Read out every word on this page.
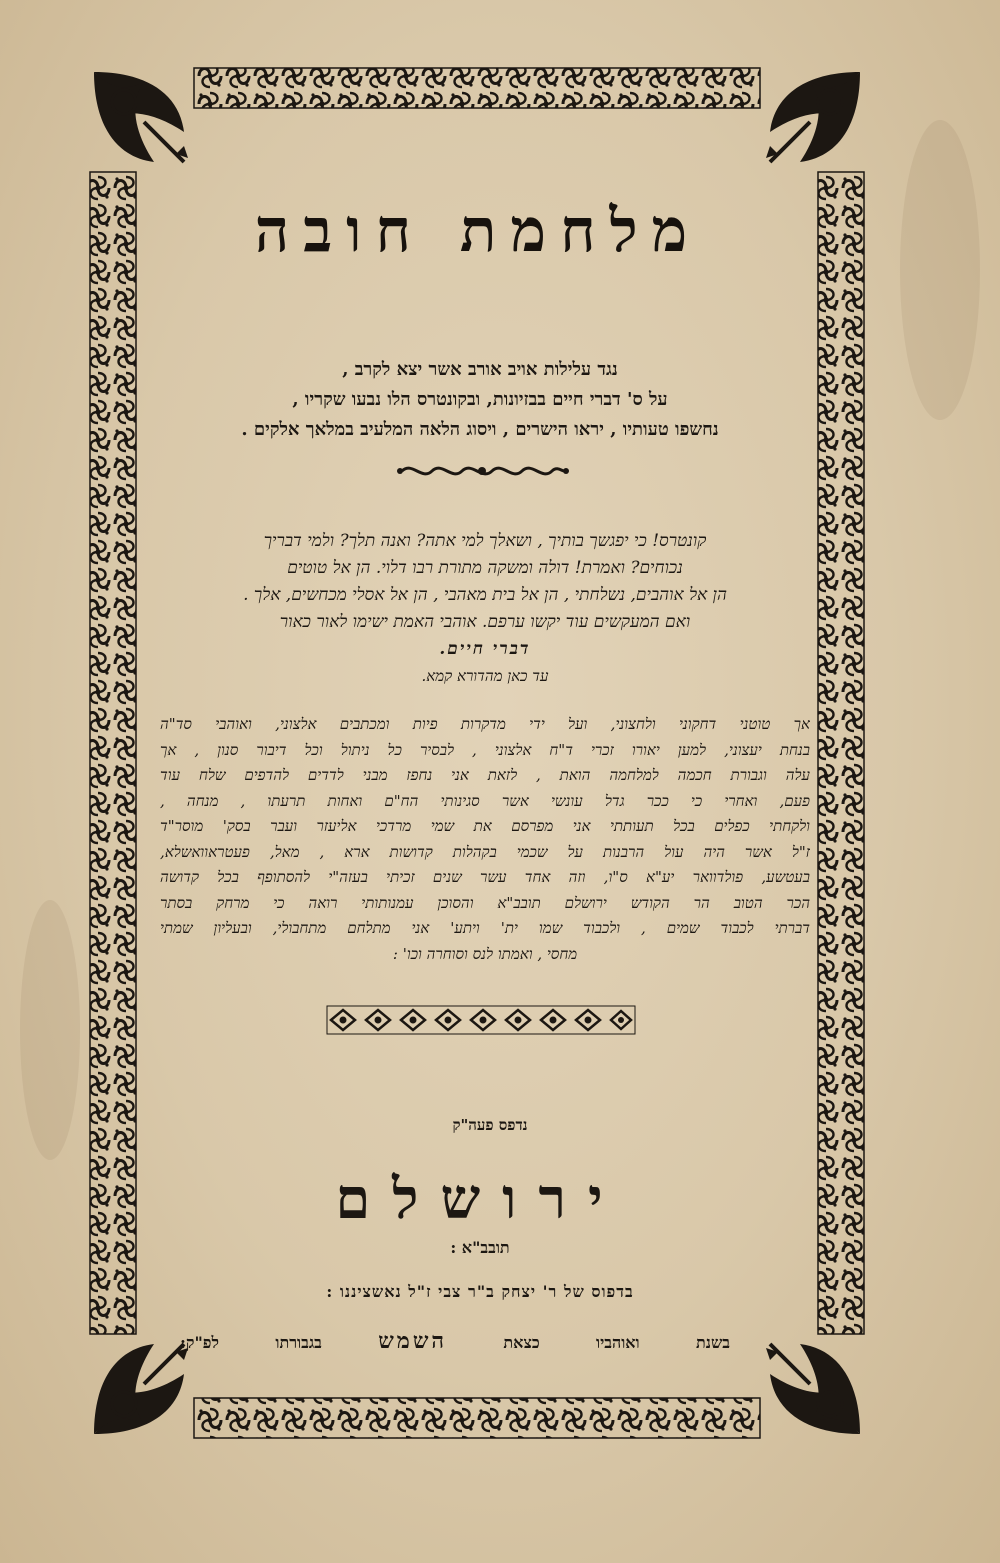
מלחמת חובה
נגד עלילות אויב אורב אשר יצא לקרב ,
על ס' דברי חיים בבזיונות, ובקונטרס הלו נבעו שקריו ,
נחשפו טעותיו , יראו הישרים , ויסוג הלאה המלעיב במלאך אלקים .
קונטרס! כי יפגשך בותיך , ושאלך למי אתה? ואנה תלך? ולמי דבריך
נכוחים? ואמרת! דולה ומשקה מתורת רבו דלוי. הן אל טוטים
הן אל אוהבים, נשלחתי , הן אל בית מאהבי , הן אל אסלי מכחשים, אלך .
ואם המעקשים עוד יקשו ערפם. אוהבי האמת ישימו לאור כאור
דברי חיים.
עד כאן מהדורא קמא.
אך טוטני דחקוני ולחצוני, ועל ידי מדקרות פיות ומכתבים אלצוני, ואוהבי סד"ה
בנחת יעצוני, למען יאורו זכרי ד"ח אלצוני , לבסיר כל ניתול וכל דיבור סנון , אך
עלה וגבורת חכמה למלחמה הואת , לזאת אני נחפז מבני לדדים להדפים שלח עוד
פעם, ואחרי כי ככר גדל עונשי אשר סגינותי הח"ם ואחות תרעתו , מנחה ,
ולקחתי כפלים בכל תעותתי אני מפרסם את שמי מרדכי אליעזר ועבר בסק' מוסר"ד
ז"ל אשר היה עול הרבנות על שכמי בקהלות קדושות ארא , מאל, פעטראוואשלא,
בעטשע, פולדוואר יע"א ס"ו, וזה אחד עשר שנים זכיתי בעזה"י להסתופף בכל קדושה
הכר הטוב הר הקודש ירושלם תובב"א והסוכן עמנותותי רואה כי מרחק בסתר
דברתי לכבוד שמים , ולכבוד שמו ית' ויתע' אני מתלחם מתחבולי, ובעליון שמתי
מחסי , ואמתו לנס וסוחרה וכו' :
נדפס פעה"ק
ירושלם
תובב"א :
בדפוס של ר' יצחק ב"ר צבי ז"ל נאשציננו :
בשנת
ואוהביו
כצאת
השמש
בגבורתו
לפ"ק:
